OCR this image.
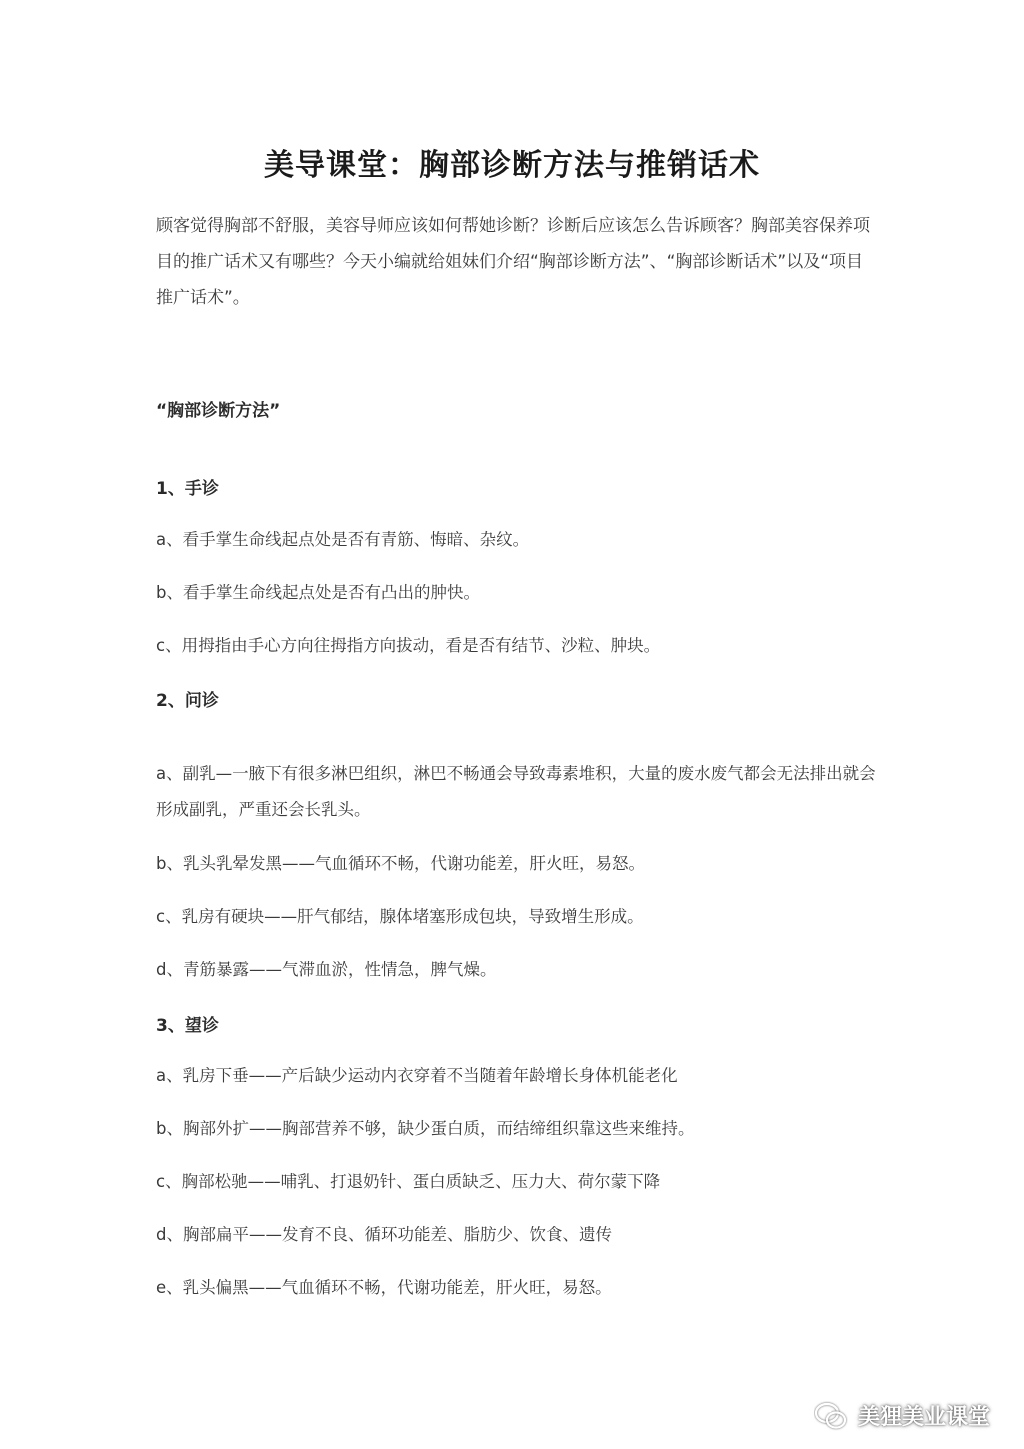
美导课堂：胸部诊断方法与推销话术

顾客觉得胸部不舒服，美容导师应该如何帮她诊断？诊断后应该怎么告诉顾客？胸部美容保养项目的推广话术又有哪些？今天小编就给姐妹们介绍“胸部诊断方法”、“胸部诊断话术”以及“项目推广话术”。

“胸部诊断方法”

1、手诊

a、看手掌生命线起点处是否有青筋、悔暗、杂纹。

b、看手掌生命线起点处是否有凸出的肿快。

c、用拇指由手心方向往拇指方向拔动，看是否有结节、沙粒、肿块。

2、问诊

a、副乳—一腋下有很多淋巴组织，淋巴不畅通会导致毒素堆积，大量的废水废气都会无法排出就会形成副乳，严重还会长乳头。

b、乳头乳晕发黑——气血循环不畅，代谢功能差，肝火旺，易怒。

c、乳房有硬块——肝气郁结，腺体堵塞形成包块，导致增生形成。

d、青筋暴露——气滞血淤，性情急，脾气燥。

3、望诊

a、乳房下垂——产后缺少运动内衣穿着不当随着年龄增长身体机能老化

b、胸部外扩——胸部营养不够，缺少蛋白质，而结缔组织靠这些来维持。

c、胸部松驰——哺乳、打退奶针、蛋白质缺乏、压力大、荷尔蒙下降

d、胸部扁平——发育不良、循环功能差、脂肪少、饮食、遗传

e、乳头偏黑——气血循环不畅，代谢功能差，肝火旺，易怒。

美狸美业课堂
